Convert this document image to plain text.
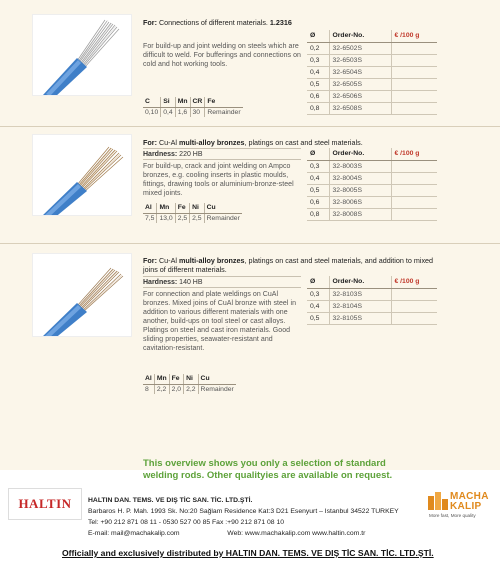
For: Connections of different materials. 1.2316
For build-up and joint welding on steels which are difficult to weld. For bufferings and connections on cold and hot working tools.
C	Si	Mn	CR	Fe
0,10	0,4	1,6	30	Remainder
Ø	Order-No.	€ /100 g
0,2	32-6502S	
0,3	32-6503S	
0,4	32-6504S	
0,5	32-6505S	
0,6	32-6506S	
0,8	32-6508S	
For: Cu-Al multi-alloy bronzes, platings on cast and steel materials.
Hardness: 220 HB
For build-up, crack and joint welding on Ampco bronzes, e.g. cooling inserts in plastic moulds, fittings, drawing tools or aluminium-bronze-steel mixed joints.
Al	Mn	Fe	Ni	Cu
7,5	13,0	2,5	2,5	Remainder
Ø	Order-No.	€ /100 g
0,3	32-8003S	
0,4	32-8004S	
0,5	32-8005S	
0,6	32-8006S	
0,8	32-8008S	
For: Cu-Al multi-alloy bronzes, platings on cast and steel materials, and addition to mixed joins of different materials.
Hardness: 140 HB
For connection and plate weldings on CuAl bronzes. Mixed joins of CuAl bronze with steel in addition to various different materials with one another, build-ups on tool steel or cast alloys. Platings on steel and cast iron materials. Good sliding properties, seawater-resistant and cavitation-resistant.
Al	Mn	Fe	Ni	Cu
8	2,2	2,0	2,2	Remainder
Ø	Order-No.	€ /100 g
0,3	32-8103S	
0,4	32-8104S	
0,5	32-8105S	
This overview shows you only a selection of standard
welding rods. Other qualityies are available on request.
HALTIN	MACHA
KALIP
More fast, More quality
HALTIN DAN. TEMS. VE DIŞ TİC SAN. TİC. LTD.ŞTİ.
Barbaros H. P. Mah. 1993 Sk. No:20 Sağlam Residence Kat:3 D21 Esenyurt – Istanbul 34522 TURKEY
Tel: +90 212 871 08 11 - 0530 527 00 85 Fax :+90 212 871 08 10
E-mail: mail@machakalip.com	Web: www.machakalip.com www.haltin.com.tr
Officially and exclusively distributed by HALTIN DAN. TEMS. VE DIŞ TİC SAN. TİC. LTD.ŞTİ.
